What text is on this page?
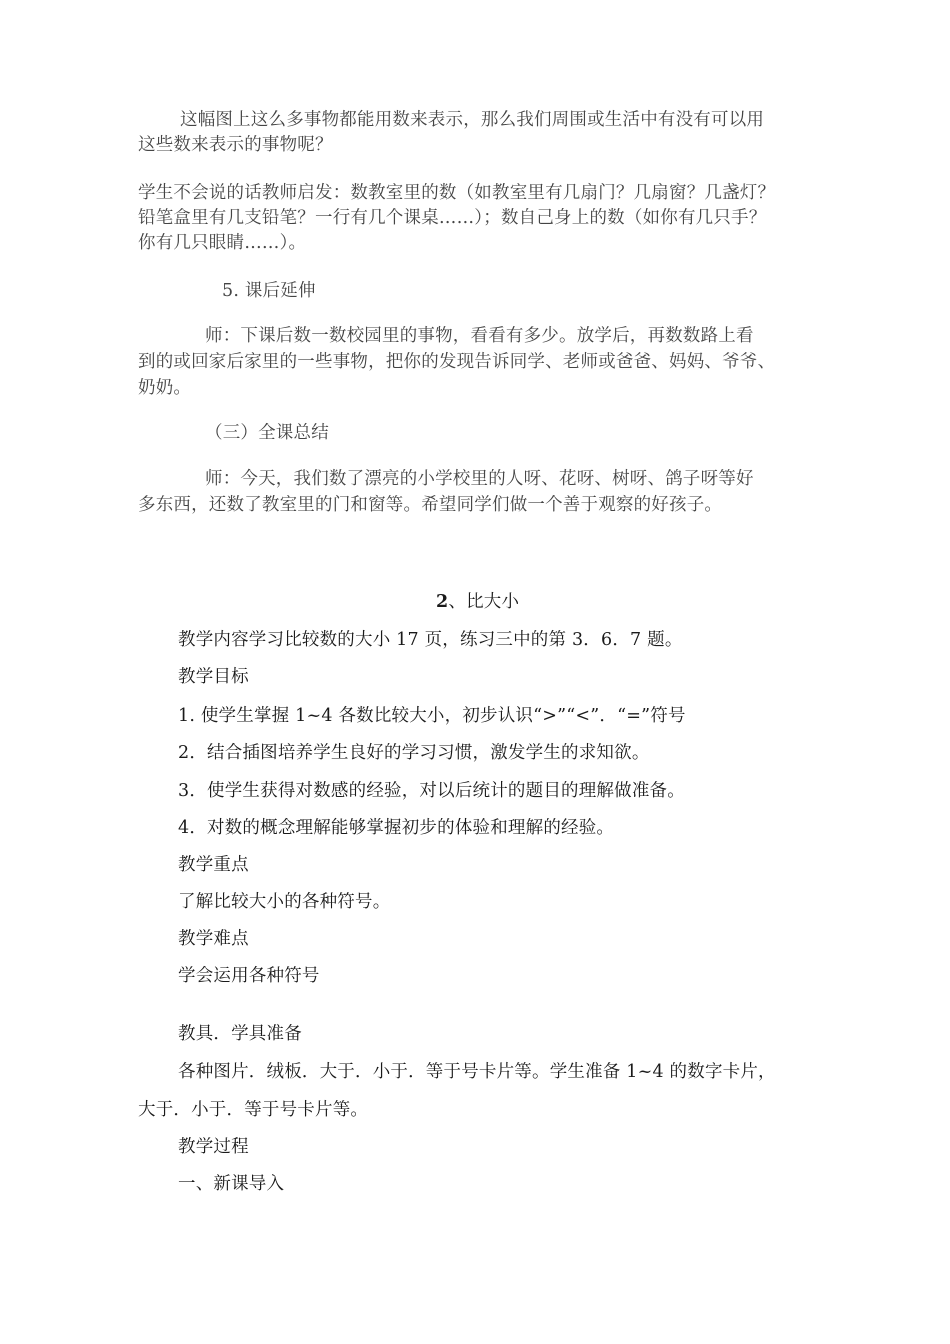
这幅图上这么多事物都能用数来表示，那么我们周围或生活中有没有可以用
这些数来表示的事物呢？
学生不会说的话教师启发：数教室里的数（如教室里有几扇门？几扇窗？几盏灯？
铅笔盒里有几支铅笔？一行有几个课桌……）；数自己身上的数（如你有几只手？
你有几只眼睛……）。
5. 课后延伸
师：下课后数一数校园里的事物，看看有多少。放学后，再数数路上看
到的或回家后家里的一些事物，把你的发现告诉同学、老师或爸爸、妈妈、爷爷、
奶奶。
（三）全课总结
师：今天，我们数了漂亮的小学校里的人呀、花呀、树呀、鸽子呀等好
多东西，还数了教室里的门和窗等。希望同学们做一个善于观察的好孩子。
2、比大小
教学内容学习比较数的大小 17 页，练习三中的第 3．6．7 题。
教学目标
1. 使学生掌握 1~4 各数比较大小，初步认识“>”“<”．“=”符号
2．结合插图培养学生良好的学习习惯，激发学生的求知欲。
3．使学生获得对数感的经验，对以后统计的题目的理解做准备。
4．对数的概念理解能够掌握初步的体验和理解的经验。
教学重点
了解比较大小的各种符号。
教学难点
学会运用各种符号
教具．学具准备
各种图片．绒板．大于．小于．等于号卡片等。学生准备 1~4 的数字卡片，
大于．小于．等于号卡片等。
教学过程
一、新课导入
